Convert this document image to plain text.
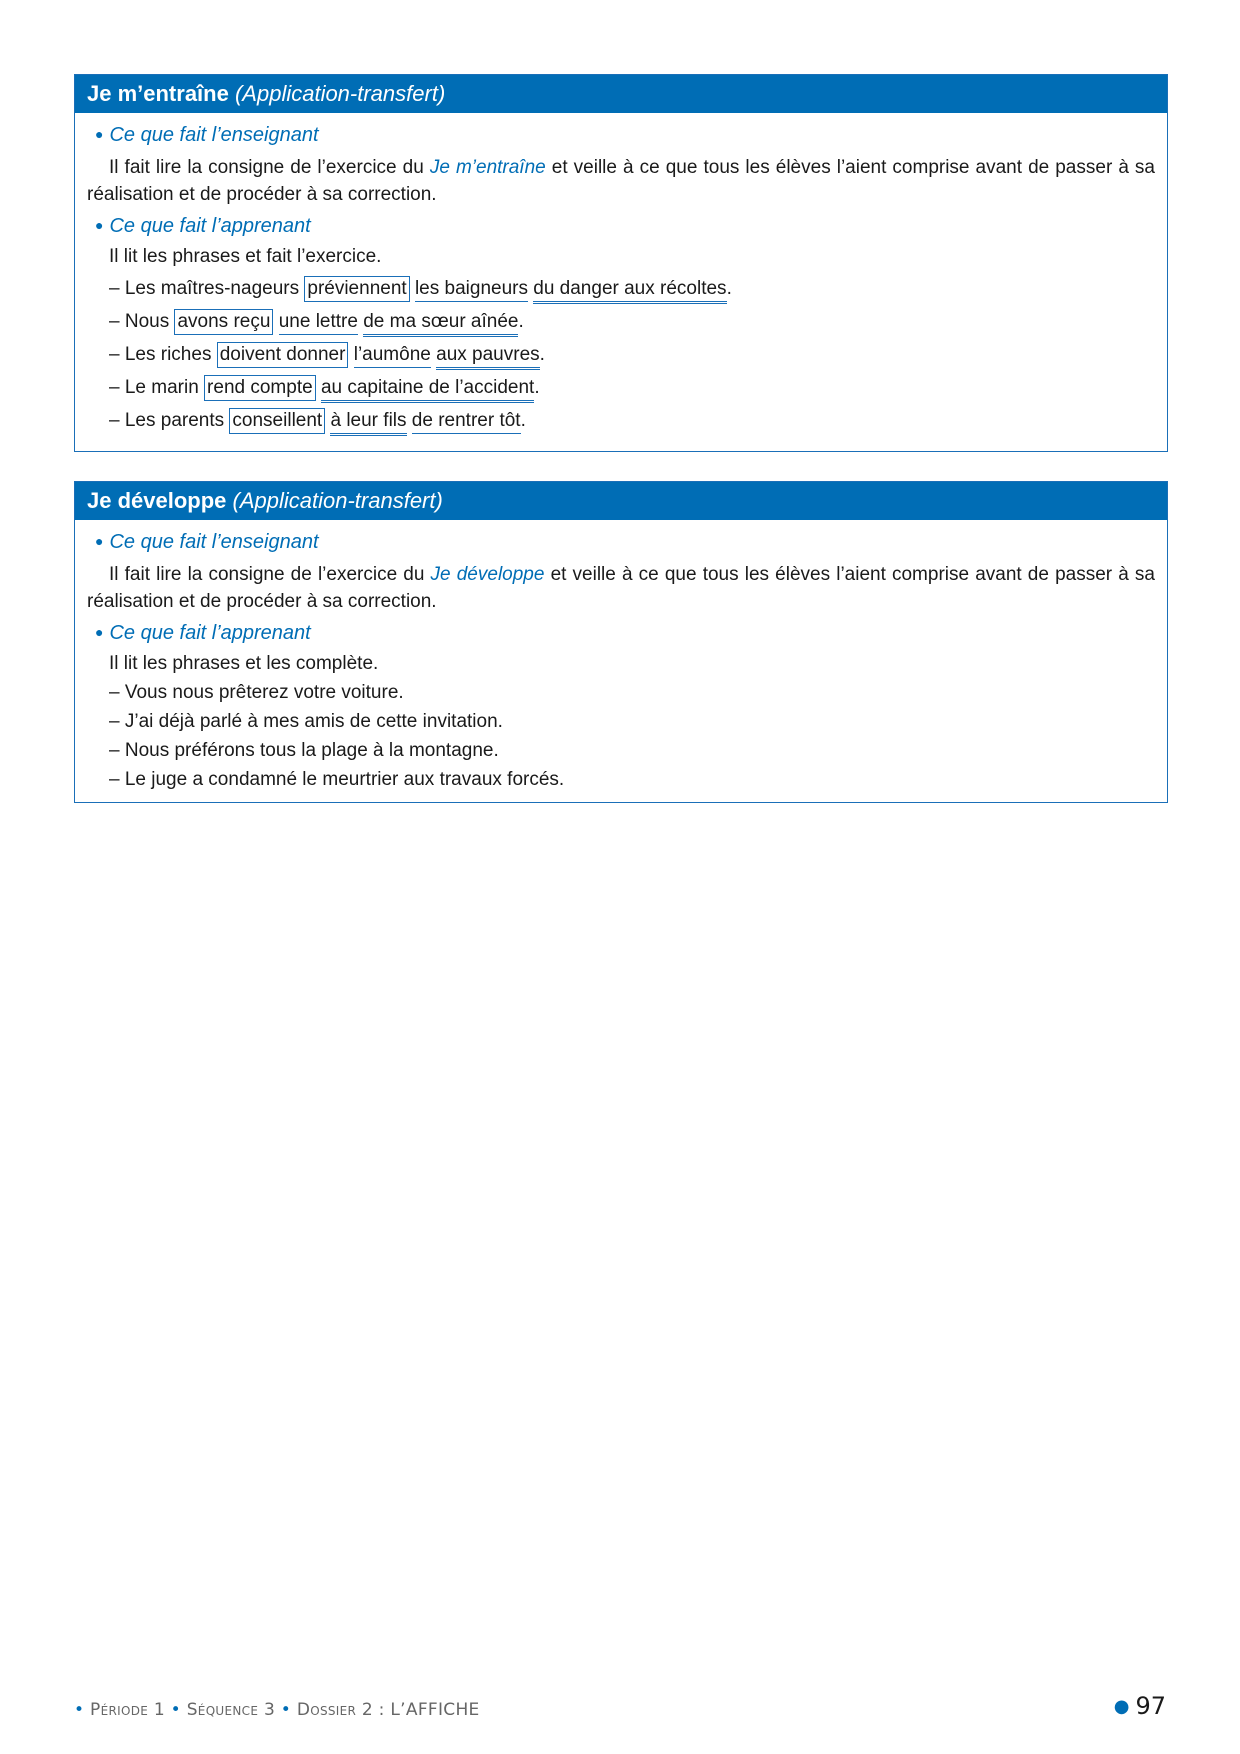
Je m’entraîne (Application-transfert)
● Ce que fait l’enseignant
Il fait lire la consigne de l’exercice du Je m’entraîne et veille à ce que tous les élèves l’aient comprise avant de passer à sa réalisation et de procéder à sa correction.
● Ce que fait l’apprenant
Il lit les phrases et fait l’exercice.
– Les maîtres-nageurs préviennent les baigneurs du danger aux récoltes.
– Nous avons reçu une lettre de ma sœur aînée.
– Les riches doivent donner l’aumône aux pauvres.
– Le marin rend compte au capitaine de l’accident.
– Les parents conseillent à leur fils de rentrer tôt.
Je développe (Application-transfert)
● Ce que fait l’enseignant
Il fait lire la consigne de l’exercice du Je développe et veille à ce que tous les élèves l’aient comprise avant de passer à sa réalisation et de procéder à sa correction.
● Ce que fait l’apprenant
Il lit les phrases et les complète.
– Vous nous prêterez votre voiture.
– J’ai déjà parlé à mes amis de cette invitation.
– Nous préférons tous la plage à la montagne.
– Le juge a condamné le meurtrier aux travaux forcés.
• Période 1 • Séquence 3 • Dossier 2 : L’AFFICHE	● 97
